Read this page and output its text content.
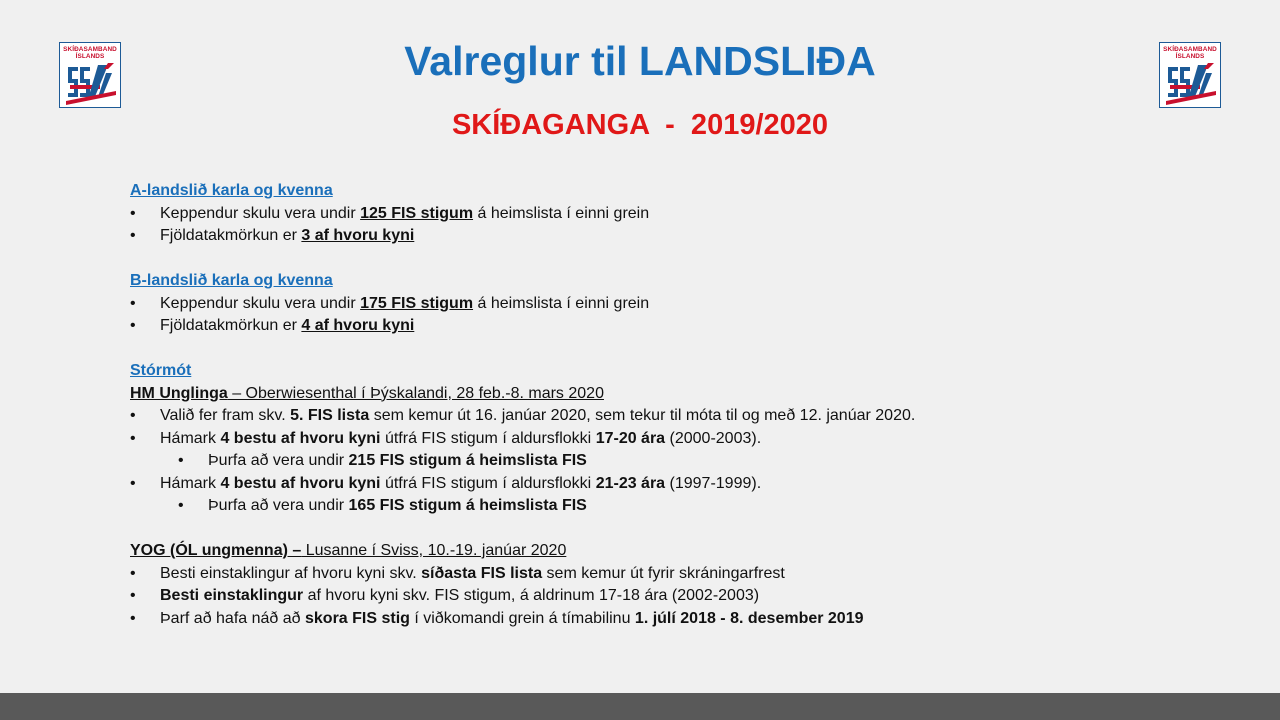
SKÍÐASAMBAND
ÍSLANDS
SKÍÐASAMBAND
ÍSLANDS
Valreglur til LANDSLIÐA
SKÍÐAGANGA  -  2019/2020
A-landslið karla og kvenna
• Keppendur skulu vera undir 125 FIS stigum á heimslista í einni grein
• Fjöldatakmörkun er 3 af hvoru kyni
B-landslið karla og kvenna
• Keppendur skulu vera undir 175 FIS stigum á heimslista í einni grein
• Fjöldatakmörkun er 4 af hvoru kyni
Stórmót
HM Unglinga – Oberwiesenthal í Þýskalandi, 28 feb.-8. mars 2020
• Valið fer fram skv. 5. FIS lista sem kemur út 16. janúar 2020, sem tekur til móta til og með 12. janúar 2020.
• Hámark 4 bestu af hvoru kyni útfrá FIS stigum í aldursflokki 17-20 ára (2000-2003).
• Þurfa að vera undir 215 FIS stigum á heimslista FIS
• Hámark 4 bestu af hvoru kyni útfrá FIS stigum í aldursflokki 21-23 ára (1997-1999).
• Þurfa að vera undir 165 FIS stigum á heimslista FIS
YOG (ÓL ungmenna) – Lusanne í Sviss, 10.-19. janúar 2020
• Besti einstaklingur af hvoru kyni skv. síðasta FIS lista sem kemur út fyrir skráningarfrest
• Besti einstaklingur af hvoru kyni skv. FIS stigum, á aldrinum 17-18 ára (2002-2003)
• Þarf að hafa náð að skora FIS stig í viðkomandi grein á tímabilinu 1. júlí 2018 - 8. desember 2019
